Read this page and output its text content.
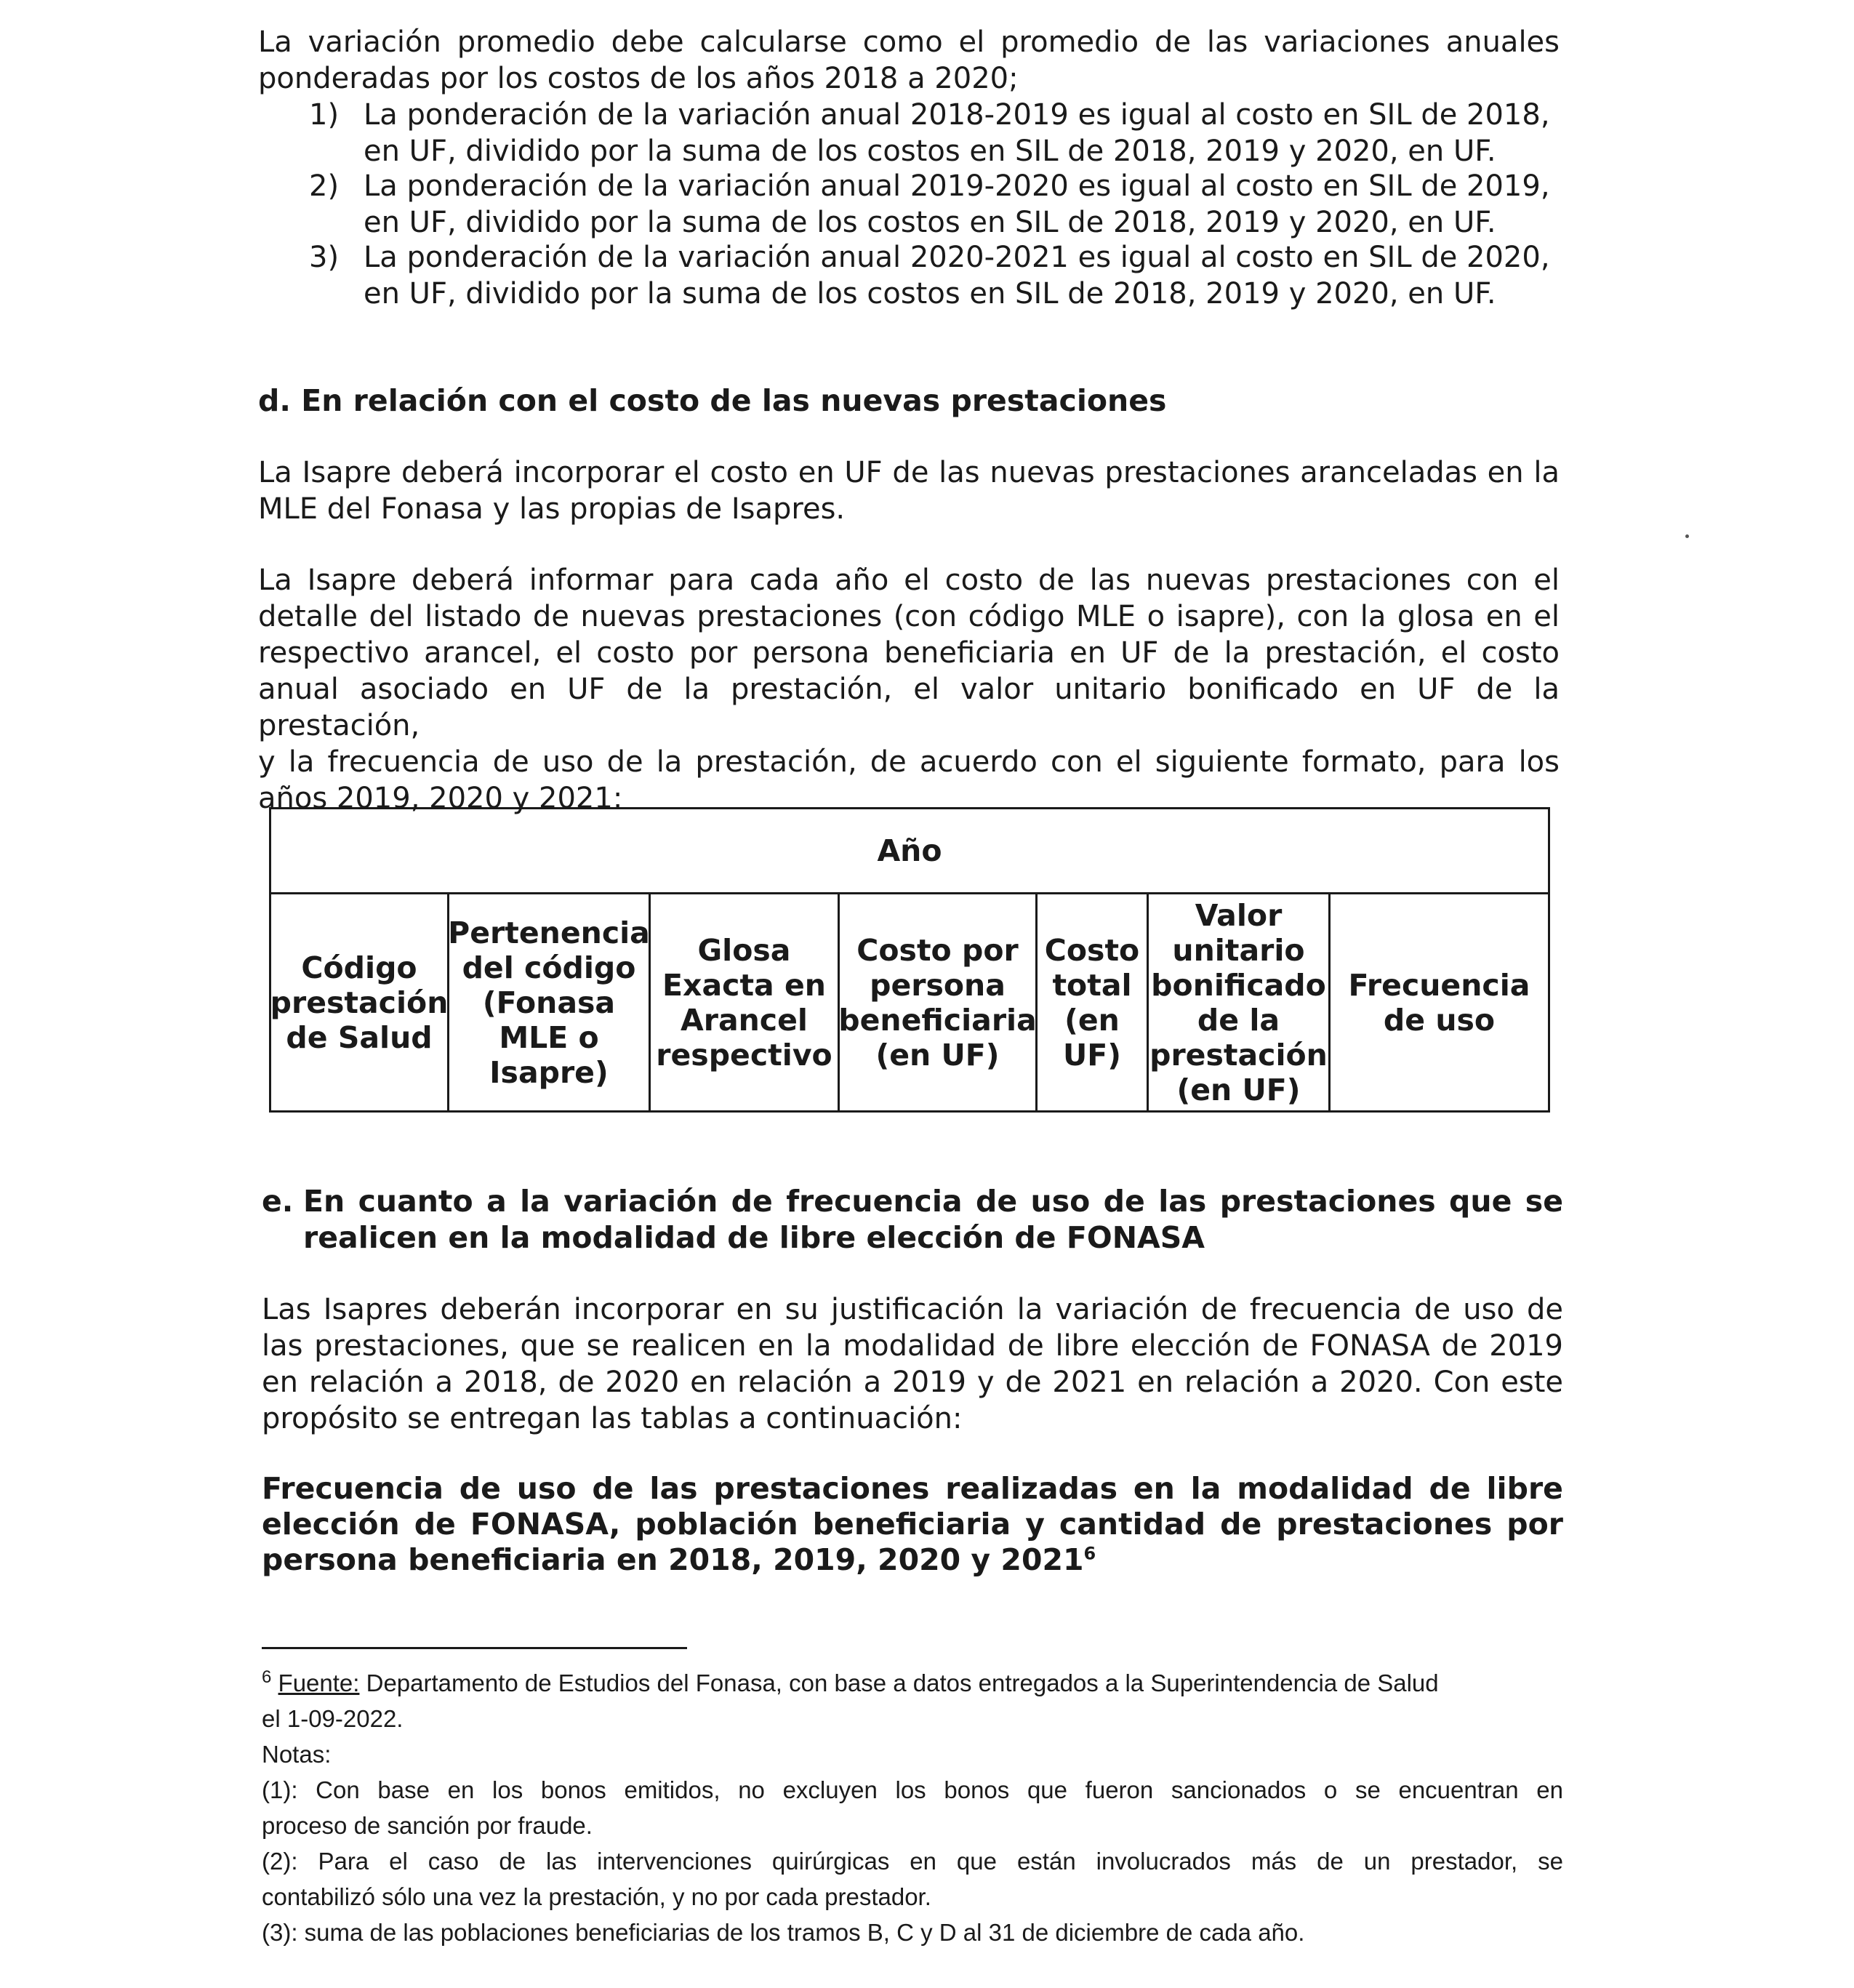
La variación promedio debe calcularse como el promedio de las variaciones anuales
ponderadas por los costos de los años 2018 a 2020;
1) La ponderación de la variación anual 2018-2019 es igual al costo en SIL de 2018,
en UF, dividido por la suma de los costos en SIL de 2018, 2019 y 2020, en UF.
2) La ponderación de la variación anual 2019-2020 es igual al costo en SIL de 2019,
en UF, dividido por la suma de los costos en SIL de 2018, 2019 y 2020, en UF.
3) La ponderación de la variación anual 2020-2021 es igual al costo en SIL de 2020,
en UF, dividido por la suma de los costos en SIL de 2018, 2019 y 2020, en UF.
d. En relación con el costo de las nuevas prestaciones
La Isapre deberá incorporar el costo en UF de las nuevas prestaciones aranceladas en la
MLE del Fonasa y las propias de Isapres.
La Isapre deberá informar para cada año el costo de las nuevas prestaciones con el
detalle del listado de nuevas prestaciones (con código MLE o isapre), con la glosa en el
respectivo arancel, el costo por persona beneficiaria en UF de la prestación, el costo
anual asociado en UF de la prestación, el valor unitario bonificado en UF de la prestación,
y la frecuencia de uso de la prestación, de acuerdo con el siguiente formato, para los
años 2019, 2020 y 2021:
Año
Código
prestación
de Salud
Pertenencia
del código
(Fonasa
MLE o
Isapre)
Glosa
Exacta en
Arancel
respectivo
Costo por
persona
beneficiaria
(en UF)
Costo
total
(en
UF)
Valor
unitario
bonificado
de la
prestación
(en UF)
Frecuencia
de uso
e. En cuanto a la variación de frecuencia de uso de las prestaciones que se
realicen en la modalidad de libre elección de FONASA
Las Isapres deberán incorporar en su justificación la variación de frecuencia de uso de
las prestaciones, que se realicen en la modalidad de libre elección de FONASA de 2019
en relación a 2018, de 2020 en relación a 2019 y de 2021 en relación a 2020. Con este
propósito se entregan las tablas a continuación:
Frecuencia de uso de las prestaciones realizadas en la modalidad de libre
elección de FONASA, población beneficiaria y cantidad de prestaciones por
persona beneficiaria en 2018, 2019, 2020 y 2021$^6$
$^6$ Fuente: Departamento de Estudios del Fonasa, con base a datos entregados a la Superintendencia de Salud
el 1-09-2022.
Notas:
(1): Con base en los bonos emitidos, no excluyen los bonos que fueron sancionados o se encuentran en
proceso de sanción por fraude.
(2): Para el caso de las intervenciones quirúrgicas en que están involucrados más de un prestador, se
contabilizó sólo una vez la prestación, y no por cada prestador.
(3): suma de las poblaciones beneficiarias de los tramos B, C y D al 31 de diciembre de cada año.
